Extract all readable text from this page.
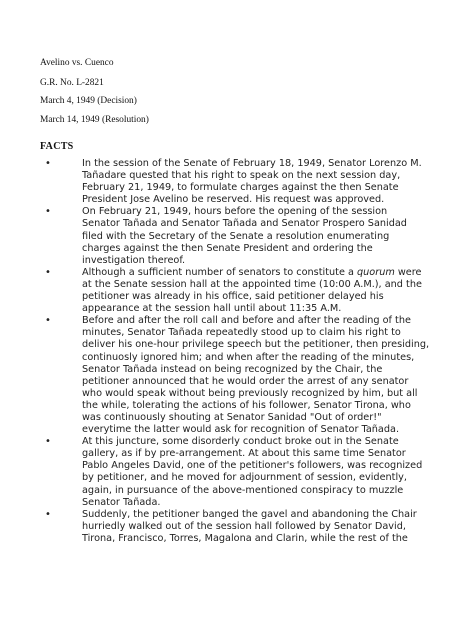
Avelino vs. Cuenco
G.R. No. L-2821
March 4, 1949 (Decision)
March 14, 1949 (Resolution)
FACTS
•	In the session of the Senate of February 18, 1949, Senator Lorenzo M.
Tañadare quested that his right to speak on the next session day,
February 21, 1949, to formulate charges against the then Senate
President Jose Avelino be reserved. His request was approved.
•	On February 21, 1949, hours before the opening of the session
Senator Tañada and Senator Tañada and Senator Prospero Sanidad
filed with the Secretary of the Senate a resolution enumerating
charges against the then Senate President and ordering the
investigation thereof.
•	Although a sufficient number of senators to constitute a quorum were
at the Senate session hall at the appointed time (10:00 A.M.), and the
petitioner was already in his office, said petitioner delayed his
appearance at the session hall until about 11:35 A.M.
•	Before and after the roll call and before and after the reading of the
minutes, Senator Tañada repeatedly stood up to claim his right to
deliver his one-hour privilege speech but the petitioner, then presiding,
continuosly ignored him; and when after the reading of the minutes,
Senator Tañada instead on being recognized by the Chair, the
petitioner announced that he would order the arrest of any senator
who would speak without being previously recognized by him, but all
the while, tolerating the actions of his follower, Senator Tirona, who
was continuously shouting at Senator Sanidad "Out of order!"
everytime the latter would ask for recognition of Senator Tañada.
•	At this juncture, some disorderly conduct broke out in the Senate
gallery, as if by pre-arrangement. At about this same time Senator
Pablo Angeles David, one of the petitioner's followers, was recognized
by petitioner, and he moved for adjournment of session, evidently,
again, in pursuance of the above-mentioned conspiracy to muzzle
Senator Tañada.
•	Suddenly, the petitioner banged the gavel and abandoning the Chair
hurriedly walked out of the session hall followed by Senator David,
Tirona, Francisco, Torres, Magalona and Clarin, while the rest of the
